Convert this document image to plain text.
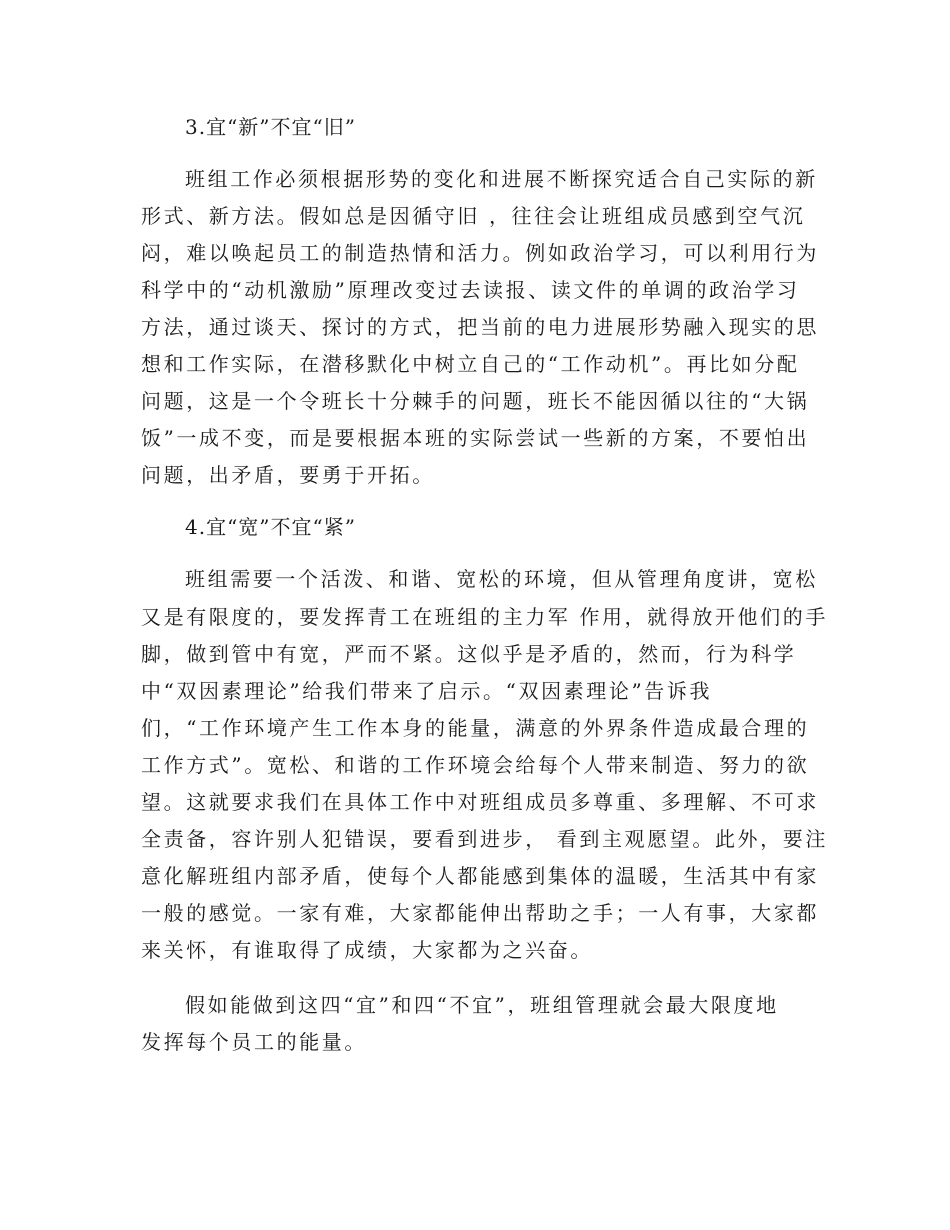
3.宜“新”不宜“旧”
班组工作必须根据形势的变化和进展不断探究适合自己实际的新
形式、新方法。假如总是因循守旧 ，往往会让班组成员感到空气沉
闷，难以唤起员工的制造热情和活力。例如政治学习，可以利用行为
科学中的“动机激励”原理改变过去读报、读文件的单调的政治学习
方法，通过谈天、探讨的方式，把当前的电力进展形势融入现实的思
想和工作实际，在潜移默化中树立自己的“工作动机”。再比如分配
问题，这是一个令班长十分棘手的问题，班长不能因循以往的“大锅
饭”一成不变，而是要根据本班的实际尝试一些新的方案，不要怕出
问题，出矛盾，要勇于开拓。
4.宜“宽”不宜“紧”
班组需要一个活泼、和谐、宽松的环境，但从管理角度讲，宽松
又是有限度的，要发挥青工在班组的主力军 作用，就得放开他们的手
脚，做到管中有宽，严而不紧。这似乎是矛盾的，然而，行为科学
中“双因素理论”给我们带来了启示。“双因素理论”告诉我
们，“工作环境产生工作本身的能量，满意的外界条件造成最合理的
工作方式”。宽松、和谐的工作环境会给每个人带来制造、努力的欲
望。这就要求我们在具体工作中对班组成员多尊重、多理解、不可求
全责备，容许别人犯错误，要看到进步， 看到主观愿望。此外，要注
意化解班组内部矛盾，使每个人都能感到集体的温暖，生活其中有家
一般的感觉。一家有难，大家都能伸出帮助之手；一人有事，大家都
来关怀，有谁取得了成绩，大家都为之兴奋。
假如能做到这四“宜”和四“不宜”，班组管理就会最大限度地
发挥每个员工的能量。
